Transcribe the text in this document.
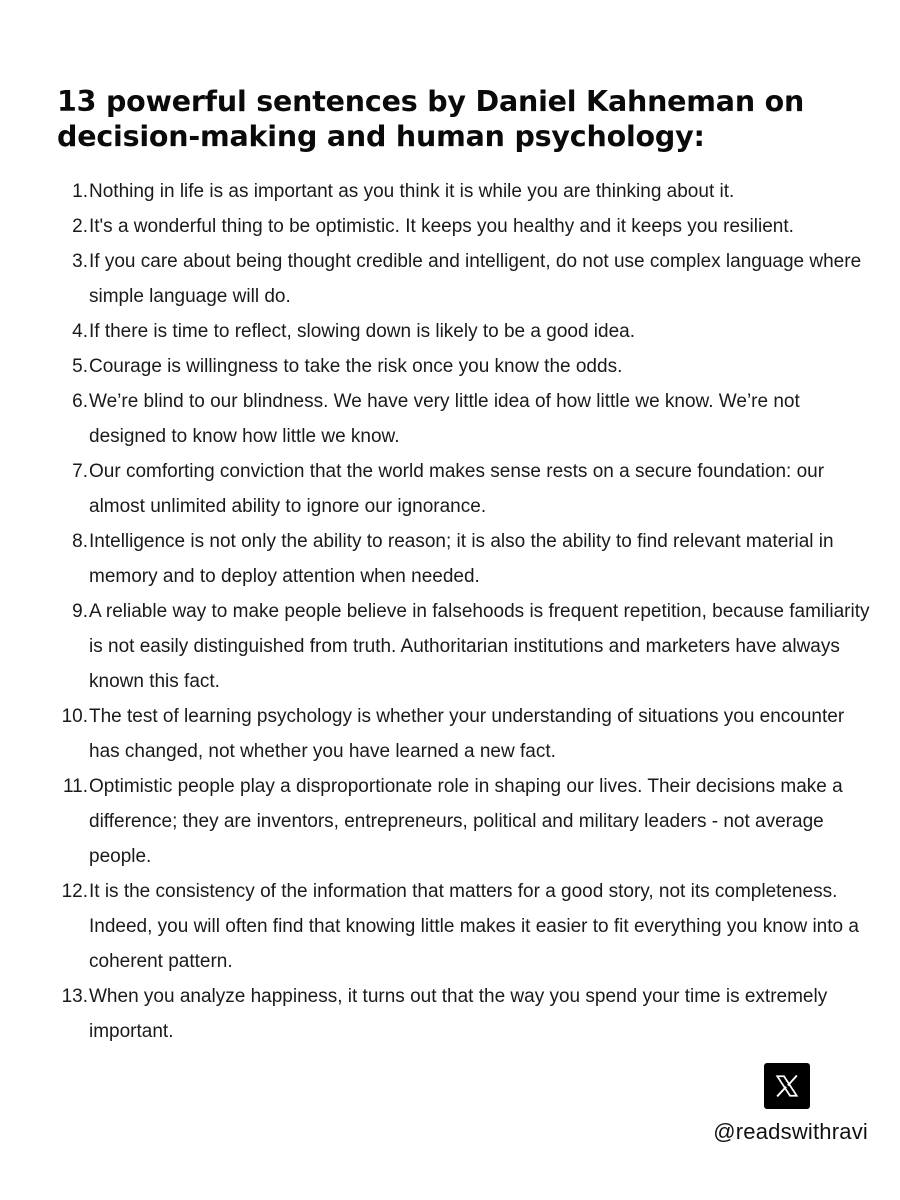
13 powerful sentences by Daniel Kahneman on decision-making and human psychology:
1. Nothing in life is as important as you think it is while you are thinking about it.
2. It's a wonderful thing to be optimistic. It keeps you healthy and it keeps you resilient.
3. If you care about being thought credible and intelligent, do not use complex language where simple language will do.
4. If there is time to reflect, slowing down is likely to be a good idea.
5. Courage is willingness to take the risk once you know the odds.
6. We’re blind to our blindness. We have very little idea of how little we know. We’re not designed to know how little we know.
7. Our comforting conviction that the world makes sense rests on a secure foundation: our almost unlimited ability to ignore our ignorance.
8. Intelligence is not only the ability to reason; it is also the ability to find relevant material in memory and to deploy attention when needed.
9. A reliable way to make people believe in falsehoods is frequent repetition, because familiarity is not easily distinguished from truth. Authoritarian institutions and marketers have always known this fact.
10. The test of learning psychology is whether your understanding of situations you encounter has changed, not whether you have learned a new fact.
11. Optimistic people play a disproportionate role in shaping our lives. Their decisions make a difference; they are inventors, entrepreneurs, political and military leaders - not average people.
12. It is the consistency of the information that matters for a good story, not its completeness. Indeed, you will often find that knowing little makes it easier to fit everything you know into a coherent pattern.
13. When you analyze happiness, it turns out that the way you spend your time is extremely important.
@readswithravi
